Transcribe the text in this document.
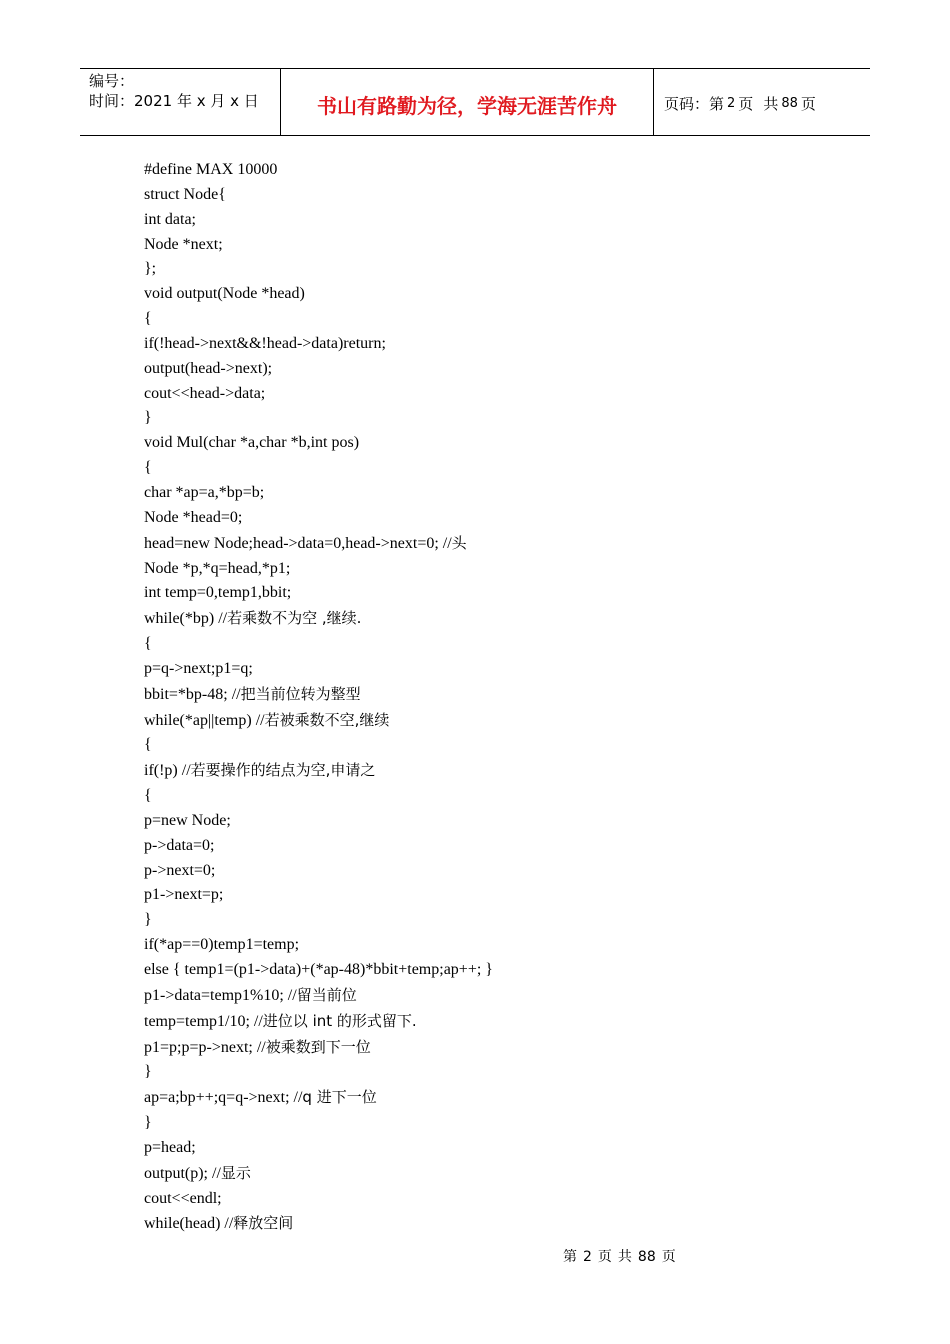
编号：
时间：2021 年 x 月 x 日	书山有路勤为径，学海无涯苦作舟	页码：第 2 页 共 88 页
#define MAX 10000
struct Node{
int data;
Node *next;
};
void output(Node *head)
{
if(!head->next&&!head->data)return;
output(head->next);
cout<<head->data;
}
void Mul(char *a,char *b,int pos)
{
char *ap=a,*bp=b;
Node *head=0;
head=new Node;head->data=0,head->next=0; //头
Node *p,*q=head,*p1;
int temp=0,temp1,bbit;
while(*bp) //若乘数不为空 ,继续.
{
p=q->next;p1=q;
bbit=*bp-48; //把当前位转为整型
while(*ap||temp) //若被乘数不空,继续
{
if(!p) //若要操作的结点为空,申请之
{
p=new Node;
p->data=0;
p->next=0;
p1->next=p;
}
if(*ap==0)temp1=temp;
else { temp1=(p1->data)+(*ap-48)*bbit+temp;ap++; }
p1->data=temp1%10; //留当前位
temp=temp1/10; //进位以 int 的形式留下.
p1=p;p=p->next; //被乘数到下一位
}
ap=a;bp++;q=q->next; //q 进下一位
}
p=head;
output(p); //显示
cout<<endl;
while(head) //释放空间
第 2 页 共 88 页
